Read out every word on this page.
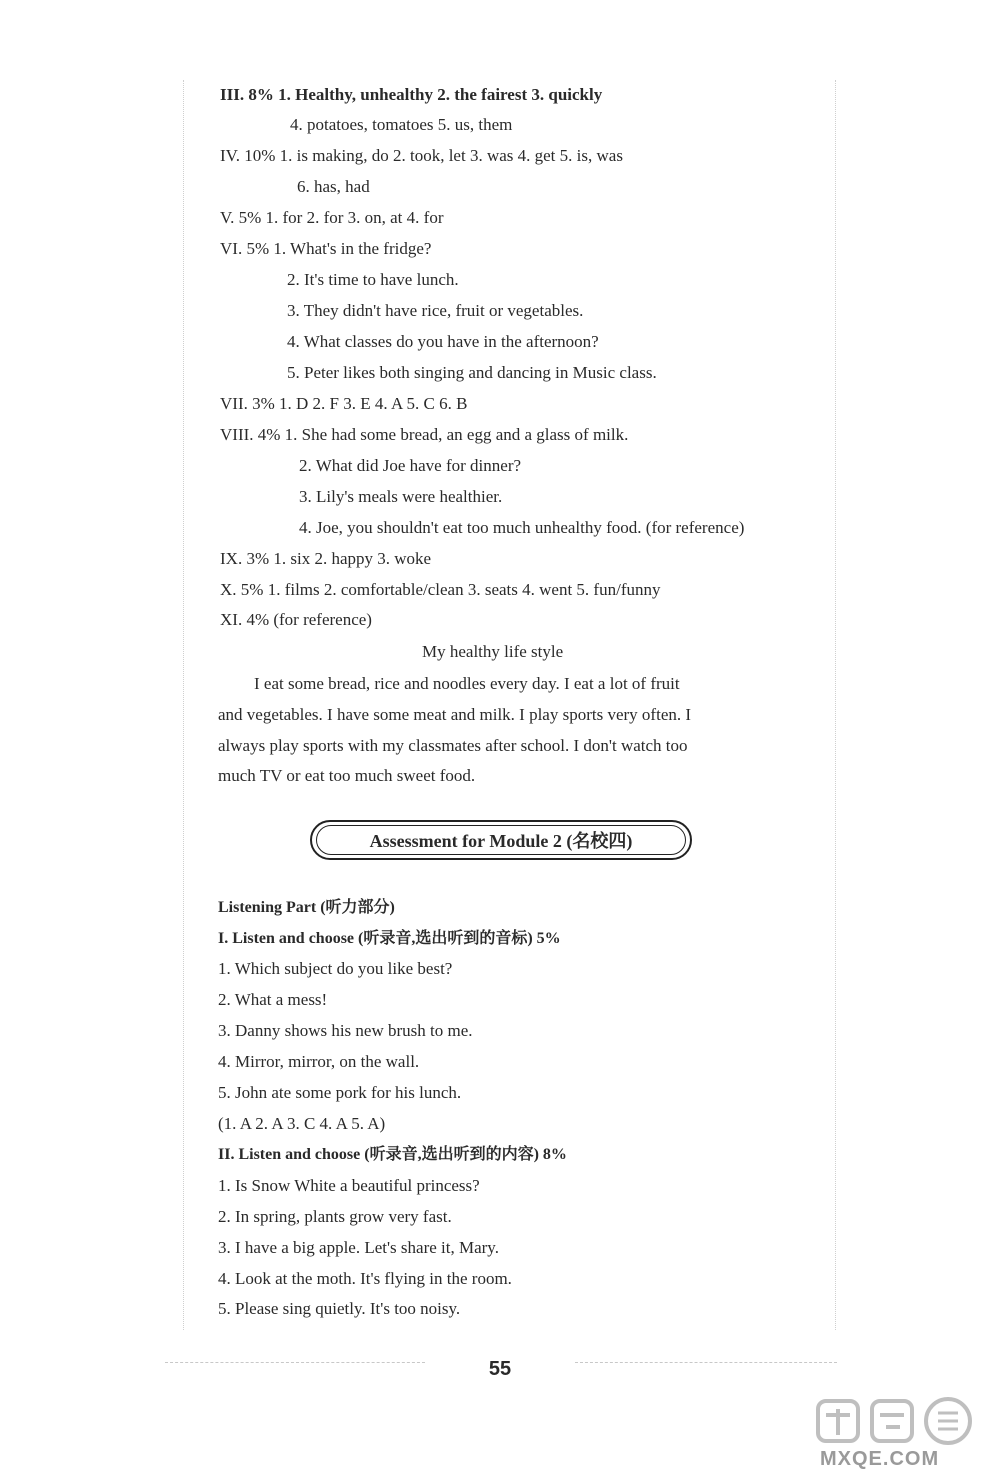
III. 8% 1. Healthy, unhealthy 2. the fairest 3. quickly
4. potatoes, tomatoes 5. us, them
IV. 10% 1. is making, do 2. took, let 3. was 4. get 5. is, was
6. has, had
V. 5% 1. for 2. for 3. on, at 4. for
VI. 5% 1. What's in the fridge?
2. It's time to have lunch.
3. They didn't have rice, fruit or vegetables.
4. What classes do you have in the afternoon?
5. Peter likes both singing and dancing in Music class.
VII. 3% 1. D 2. F 3. E 4. A 5. C 6. B
VIII. 4% 1. She had some bread, an egg and a glass of milk.
2. What did Joe have for dinner?
3. Lily's meals were healthier.
4. Joe, you shouldn't eat too much unhealthy food. (for reference)
IX. 3% 1. six 2. happy 3. woke
X. 5% 1. films 2. comfortable/clean 3. seats 4. went 5. fun/funny
XI. 4% (for reference)
My healthy life style
I eat some bread, rice and noodles every day. I eat a lot of fruit
and vegetables. I have some meat and milk. I play sports very often. I
always play sports with my classmates after school. I don't watch too
much TV or eat too much sweet food.
Assessment for Module 2 (名校四)
Listening Part (听力部分)
I. Listen and choose (听录音,选出听到的音标) 5%
1. Which subject do you like best?
2. What a mess!
3. Danny shows his new brush to me.
4. Mirror, mirror, on the wall.
5. John ate some pork for his lunch.
(1. A 2. A 3. C 4. A 5. A)
II. Listen and choose (听录音,选出听到的内容) 8%
1. Is Snow White a beautiful princess?
2. In spring, plants grow very fast.
3. I have a big apple. Let's share it, Mary.
4. Look at the moth. It's flying in the room.
5. Please sing quietly. It's too noisy.
55
MXQE.COM
